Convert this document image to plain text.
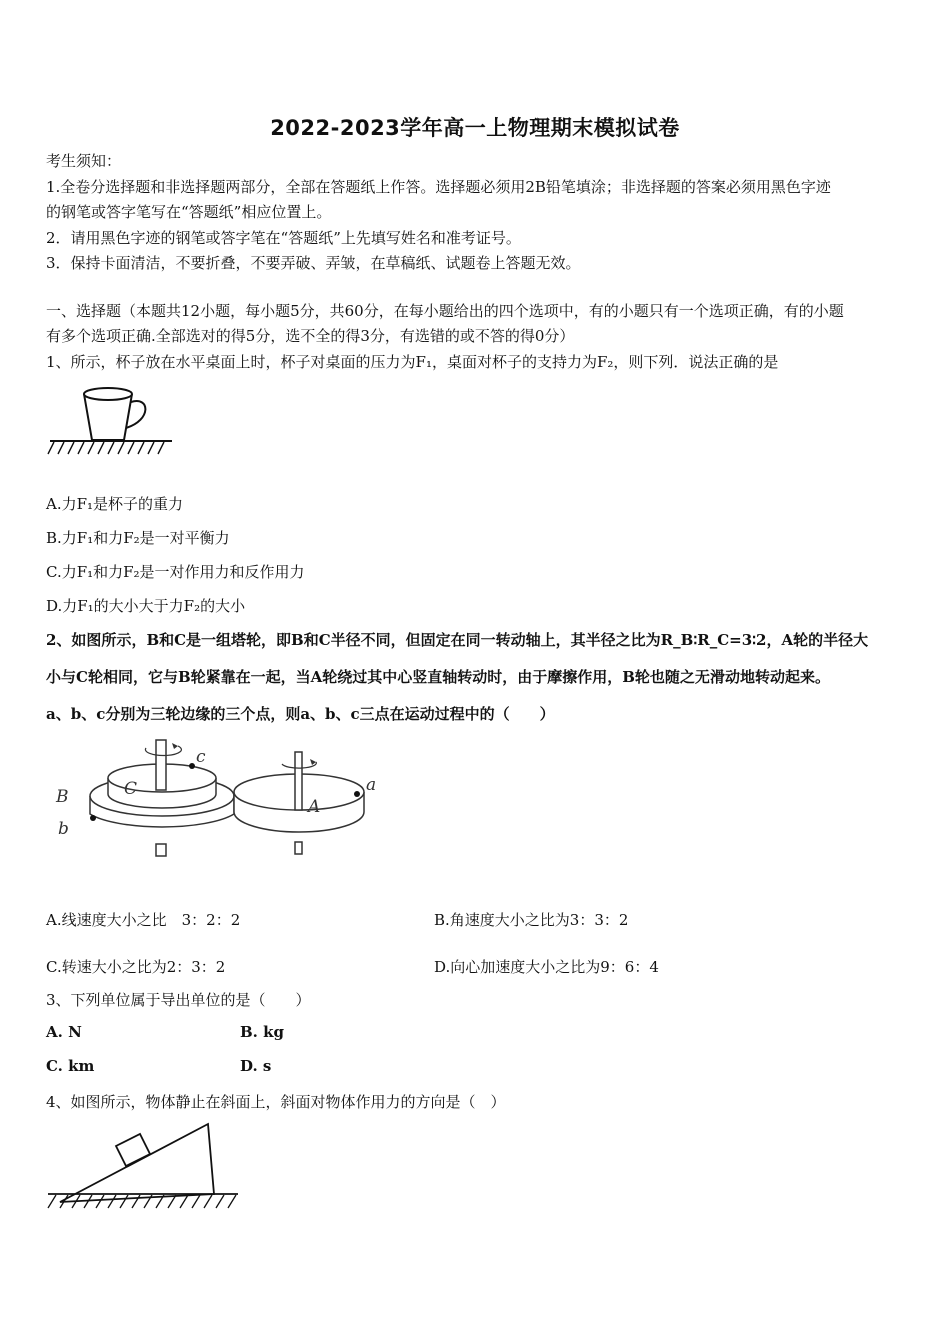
2022-2023学年高一上物理期末模拟试卷
考生须知：
1.全卷分选择题和非选择题两部分，全部在答题纸上作答。选择题必须用2B铅笔填涂；非选择题的答案必须用黑色字迹
的钢笔或答字笔写在“答题纸”相应位置上。
2．请用黑色字迹的钢笔或答字笔在“答题纸”上先填写姓名和准考证号。
3．保持卡面清洁，不要折叠，不要弄破、弄皱，在草稿纸、试题卷上答题无效。
一、选择题（本题共12小题，每小题5分，共60分，在每小题给出的四个选项中，有的小题只有一个选项正确，有的小题
有多个选项正确.全部选对的得5分，选不全的得3分，有选错的或不答的得0分）
1、所示，杯子放在水平桌面上时，杯子对桌面的压力为F₁，桌面对杯子的支持力为F₂，则下列．说法正确的是
A.力F₁是杯子的重力
B.力F₁和力F₂是一对平衡力
C.力F₁和力F₂是一对作用力和反作用力
D.力F₁的大小大于力F₂的大小
2、如图所示，B和C是一组塔轮，即B和C半径不同，但固定在同一转动轴上，其半径之比为R_B∶R_C=3∶2，A轮的半径大
小与C轮相同，它与B轮紧靠在一起，当A轮绕过其中心竖直轴转动时，由于摩擦作用，B轮也随之无滑动地转动起来。
a、b、c分别为三轮边缘的三个点，则a、b、c三点在运动过程中的（　　）
c
C
B
b
A
a
A.线速度大小之比　3：2：2	B.角速度大小之比为3：3：2
C.转速大小之比为2：3：2	D.向心加速度大小之比为9：6：4
3、下列单位属于导出单位的是（　　）
A. N	B. kg
C. km	D. s
4、如图所示，物体静止在斜面上，斜面对物体作用力的方向是（　）
